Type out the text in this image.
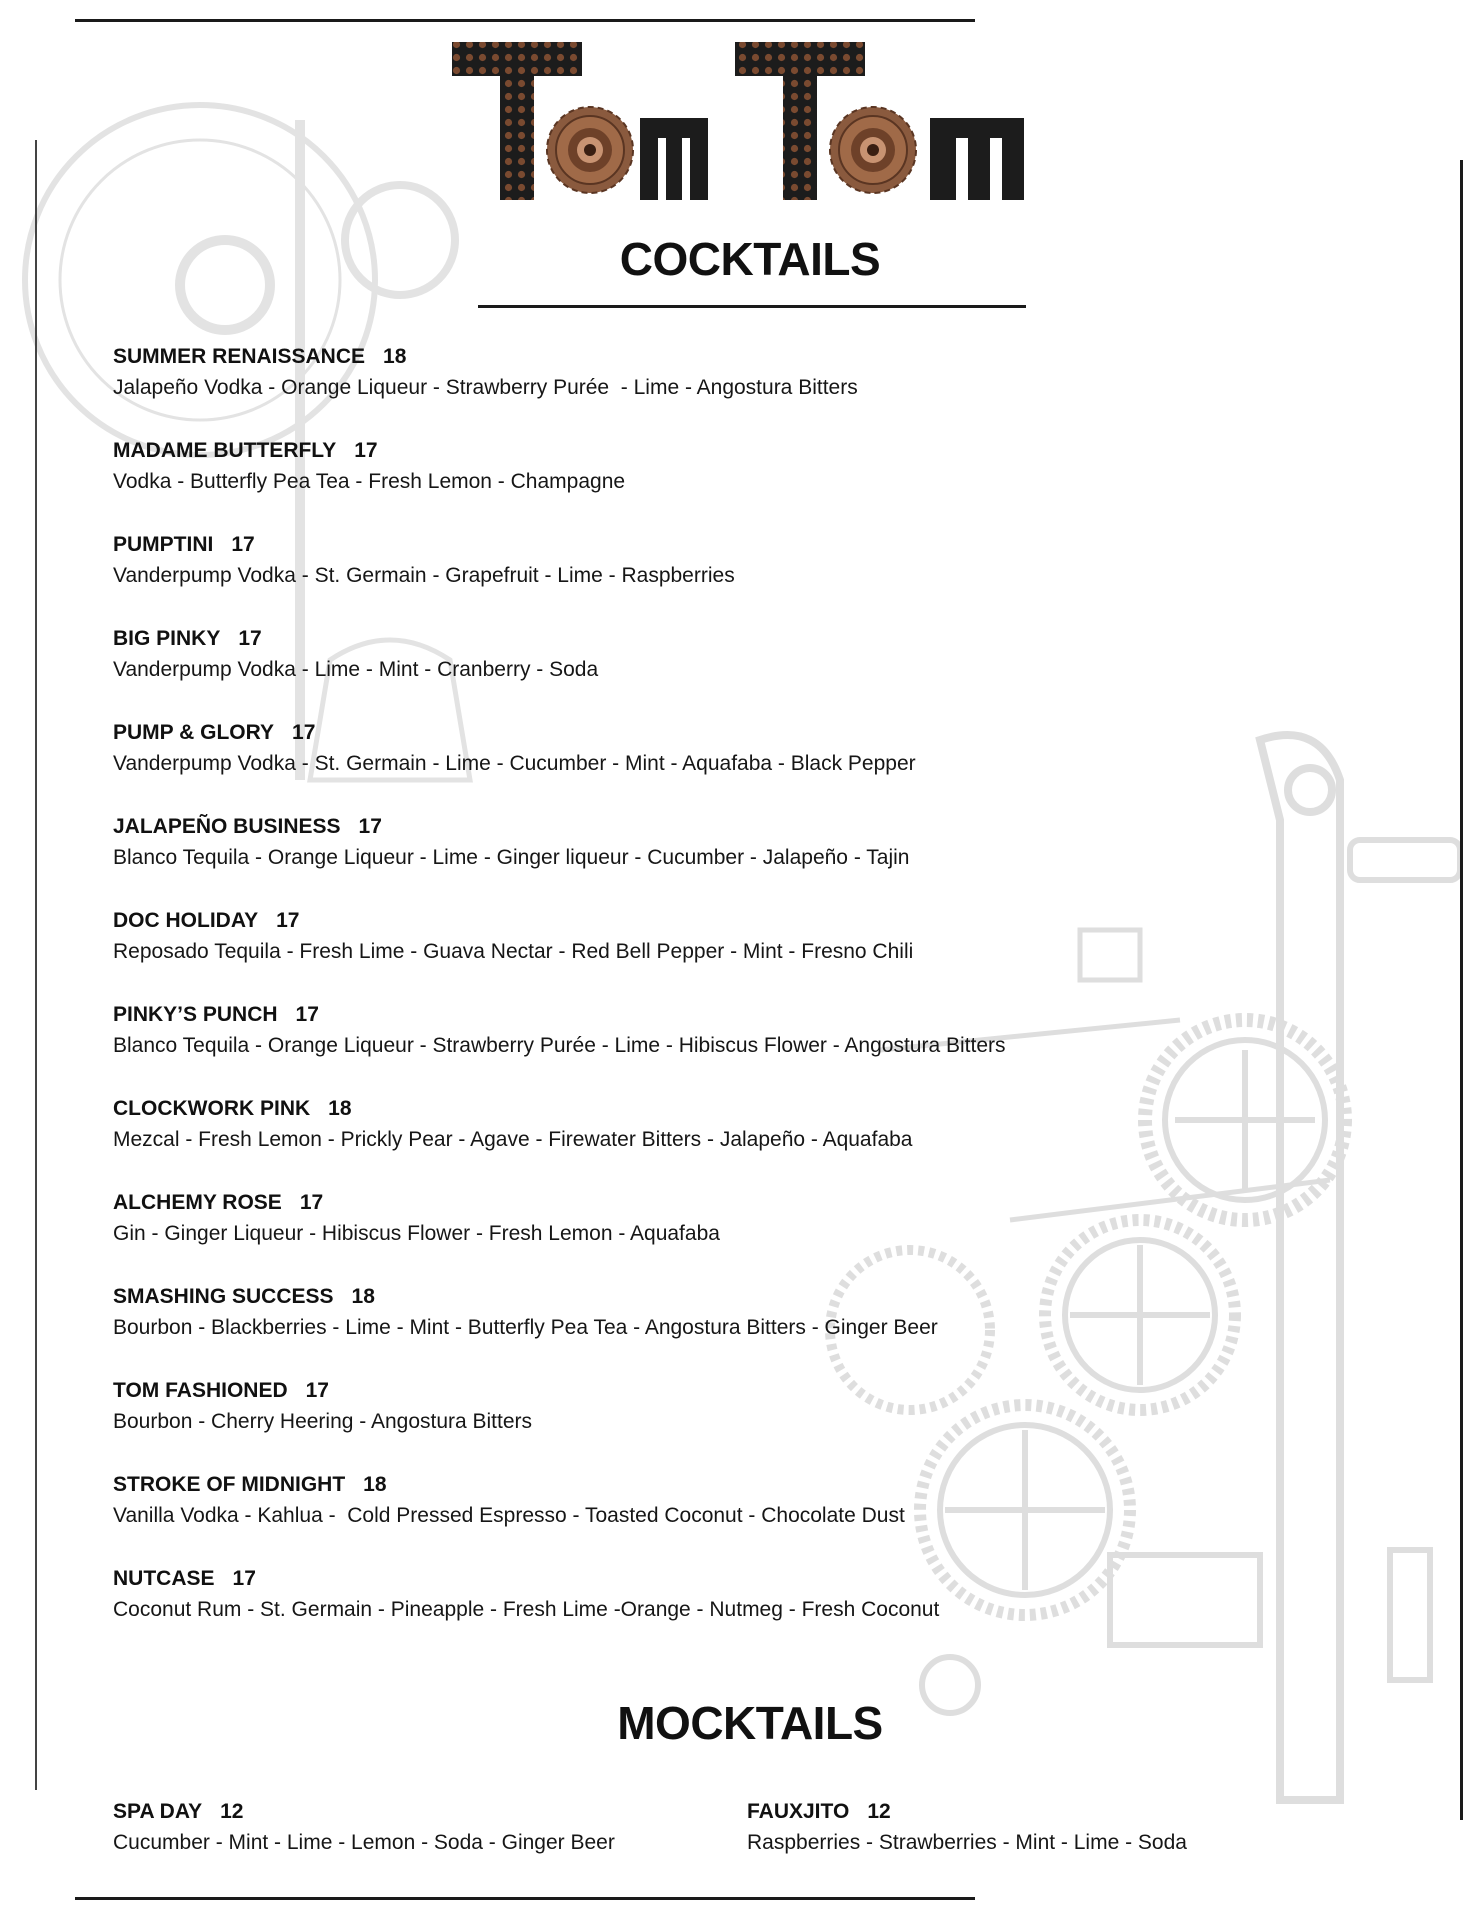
COCKTAILS
SUMMER RENAISSANCE 18
Jalapeño Vodka - Orange Liqueur - Strawberry Purée  - Lime - Angostura Bitters
MADAME BUTTERFLY 17
Vodka - Butterfly Pea Tea - Fresh Lemon - Champagne
PUMPTINI 17
Vanderpump Vodka - St. Germain - Grapefruit - Lime - Raspberries
BIG PINKY 17
Vanderpump Vodka - Lime - Mint - Cranberry - Soda
PUMP & GLORY 17
Vanderpump Vodka - St. Germain - Lime - Cucumber - Mint - Aquafaba - Black Pepper
JALAPEÑO BUSINESS 17
Blanco Tequila - Orange Liqueur - Lime - Ginger liqueur - Cucumber - Jalapeño - Tajin
DOC HOLIDAY 17
Reposado Tequila - Fresh Lime - Guava Nectar - Red Bell Pepper - Mint - Fresno Chili
PINKY’S PUNCH 17
Blanco Tequila - Orange Liqueur - Strawberry Purée - Lime - Hibiscus Flower - Angostura Bitters
CLOCKWORK PINK 18
Mezcal - Fresh Lemon - Prickly Pear - Agave - Firewater Bitters - Jalapeño - Aquafaba
ALCHEMY ROSE 17
Gin - Ginger Liqueur - Hibiscus Flower - Fresh Lemon - Aquafaba
SMASHING SUCCESS 18
Bourbon - Blackberries - Lime - Mint - Butterfly Pea Tea - Angostura Bitters - Ginger Beer
TOM FASHIONED 17
Bourbon - Cherry Heering - Angostura Bitters
STROKE OF MIDNIGHT 18
Vanilla Vodka - Kahlua -  Cold Pressed Espresso - Toasted Coconut - Chocolate Dust
NUTCASE 17
Coconut Rum - St. Germain - Pineapple - Fresh Lime -Orange - Nutmeg - Fresh Coconut
MOCKTAILS
SPA DAY 12
Cucumber - Mint - Lime - Lemon - Soda - Ginger Beer
FAUXJITO 12
Raspberries - Strawberries - Mint - Lime - Soda
